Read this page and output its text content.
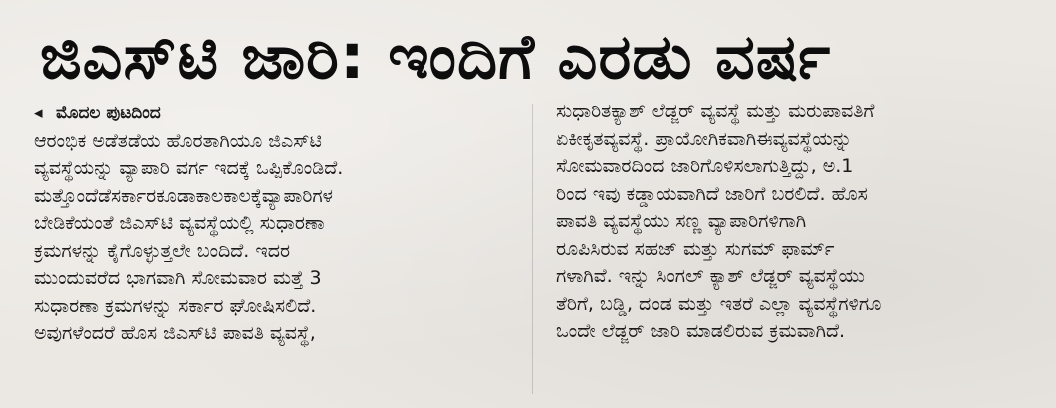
ಜಿಎಸ್‌ಟಿ ಜಾರಿ: ಇಂದಿಗೆ ಎರಡು ವರ್ಷ
◂ ಮೊದಲ ಪುಟದಿಂದ
ಆರಂಭಿಕ ಅಡೆತಡೆಯ ಹೊರತಾಗಿಯೂ ಜಿಎಸ್‌ಟಿ
ವ್ಯವಸ್ಥೆಯನ್ನು ವ್ಯಾಪಾರಿ ವರ್ಗ ಇದಕ್ಕೆ ಒಪ್ಪಿಕೊಂಡಿದೆ.
ಮತ್ತೊಂದೆಡೆಸರ್ಕಾರಕೂಡಾಕಾಲಕಾಲಕ್ಕೆವ್ಯಾಪಾರಿಗಳ
ಬೇಡಿಕೆಯಂತೆ ಜಿಎಸ್‌ಟಿ ವ್ಯವಸ್ಥೆಯಲ್ಲಿ ಸುಧಾರಣಾ
ಕ್ರಮಗಳನ್ನು ಕೈಗೊಳ್ಳುತ್ತಲೇ ಬಂದಿದೆ. ಇದರ
ಮುಂದುವರೆದ ಭಾಗವಾಗಿ ಸೋಮವಾರ ಮತ್ತೆ 3
ಸುಧಾರಣಾ ಕ್ರಮಗಳನ್ನು ಸರ್ಕಾರ ಘೋಷಿಸಲಿದೆ.
ಅವುಗಳೆಂದರೆ ಹೊಸ ಜಿಎಸ್‌ಟಿ ಪಾವತಿ ವ್ಯವಸ್ಥೆ,
ಸುಧಾರಿತಕ್ಯಾಶ್ ಲೆಡ್ಜರ್ ವ್ಯವಸ್ಥೆ ಮತ್ತು ಮರುಪಾವತಿಗೆ
ಏಕೀಕೃತವ್ಯವಸ್ಥೆ. ಪ್ರಾಯೋಗಿಕವಾಗಿಈವ್ಯವಸ್ಥೆಯನ್ನು
ಸೋಮವಾರದಿಂದ ಜಾರಿಗೊಳಿಸಲಾಗುತ್ತಿದ್ದು, ಅ.1
ರಿಂದ ಇವು ಕಡ್ಡಾಯವಾಗಿದೆ ಜಾರಿಗೆ ಬರಲಿದೆ. ಹೊಸ
ಪಾವತಿ ವ್ಯವಸ್ಥೆಯು ಸಣ್ಣ ವ್ಯಾಪಾರಿಗಳಿಗಾಗಿ
ರೂಪಿಸಿರುವ ಸಹಜ್ ಮತ್ತು ಸುಗಮ್ ಫಾರ್ಮ್
ಗಳಾಗಿವೆ. ಇನ್ನು ಸಿಂಗಲ್ ಕ್ಯಾಶ್ ಲೆಡ್ಜರ್ ವ್ಯವಸ್ಥೆಯು
ತೆರಿಗೆ, ಬಡ್ಡಿ, ದಂಡ ಮತ್ತು ಇತರೆ ಎಲ್ಲಾ ವ್ಯವಸ್ಥೆಗಳಿಗೂ
ಒಂದೇ ಲೆಡ್ಜರ್ ಜಾರಿ ಮಾಡಲಿರುವ ಕ್ರಮವಾಗಿದೆ.
